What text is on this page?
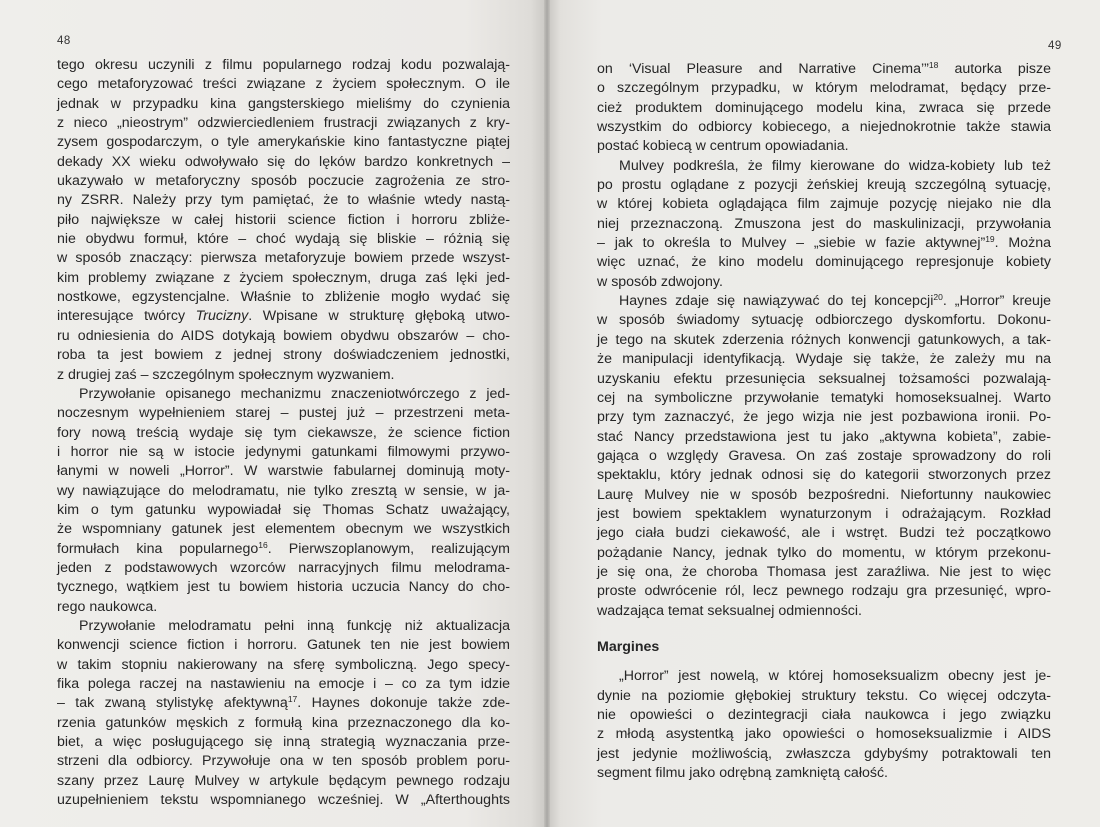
48
tego okresu uczynili z filmu popularnego rodzaj kodu pozwalają-
cego metaforyzować treści związane z życiem społecznym. O ile
jednak w przypadku kina gangsterskiego mieliśmy do czynienia
z nieco „nieostrym” odzwierciedleniem frustracji związanych z kry-
zysem gospodarczym, o tyle amerykańskie kino fantastyczne piątej
dekady XX wieku odwoływało się do lęków bardzo konkretnych –
ukazywało w metaforyczny sposób poczucie zagrożenia ze stro-
ny ZSRR. Należy przy tym pamiętać, że to właśnie wtedy nastą-
piło największe w całej historii science fiction i horroru zbliże-
nie obydwu formuł, które – choć wydają się bliskie – różnią się
w sposób znaczący: pierwsza metaforyzuje bowiem przede wszyst-
kim problemy związane z życiem społecznym, druga zaś lęki jed-
nostkowe, egzystencjalne. Właśnie to zbliżenie mogło wydać się
interesujące twórcy Trucizny. Wpisane w strukturę głęboką utwo-
ru odniesienia do AIDS dotykają bowiem obydwu obszarów – cho-
roba ta jest bowiem z jednej strony doświadczeniem jednostki,
z drugiej zaś – szczególnym społecznym wyzwaniem.
Przywołanie opisanego mechanizmu znaczeniotwórczego z jed-
noczesnym wypełnieniem starej – pustej już – przestrzeni meta-
fory nową treścią wydaje się tym ciekawsze, że science fiction
i horror nie są w istocie jedynymi gatunkami filmowymi przywo-
łanymi w noweli „Horror”. W warstwie fabularnej dominują moty-
wy nawiązujące do melodramatu, nie tylko zresztą w sensie, w ja-
kim o tym gatunku wypowiadał się Thomas Schatz uważający,
że wspomniany gatunek jest elementem obecnym we wszystkich
formułach kina popularnego$^{16}$. Pierwszoplanowym, realizującym
jeden z podstawowych wzorców narracyjnych filmu melodrama-
tycznego, wątkiem jest tu bowiem historia uczucia Nancy do cho-
rego naukowca.
Przywołanie melodramatu pełni inną funkcję niż aktualizacja
konwencji science fiction i horroru. Gatunek ten nie jest bowiem
w takim stopniu nakierowany na sferę symboliczną. Jego specy-
fika polega raczej na nastawieniu na emocje i – co za tym idzie
– tak zwaną stylistykę afektywną$^{17}$. Haynes dokonuje także zde-
rzenia gatunków męskich z formułą kina przeznaczonego dla ko-
biet, a więc posługującego się inną strategią wyznaczania prze-
strzeni dla odbiorcy. Przywołuje ona w ten sposób problem poru-
szany przez Laurę Mulvey w artykule będącym pewnego rodzaju
uzupełnieniem tekstu wspomnianego wcześniej. W „Afterthoughts
49
on ‘Visual Pleasure and Narrative Cinema’”$^{18}$ autorka pisze
o szczególnym przypadku, w którym melodramat, będący prze-
cież produktem dominującego modelu kina, zwraca się przede
wszystkim do odbiorcy kobiecego, a niejednokrotnie także stawia
postać kobiecą w centrum opowiadania.
Mulvey podkreśla, że filmy kierowane do widza-kobiety lub też
po prostu oglądane z pozycji żeńskiej kreują szczególną sytuację,
w której kobieta oglądająca film zajmuje pozycję niejako nie dla
niej przeznaczoną. Zmuszona jest do maskulinizacji, przywołania
– jak to określa to Mulvey – „siebie w fazie aktywnej”$^{19}$. Można
więc uznać, że kino modelu dominującego represjonuje kobiety
w sposób zdwojony.
Haynes zdaje się nawiązywać do tej koncepcji$^{20}$. „Horror” kreuje
w sposób świadomy sytuację odbiorczego dyskomfortu. Dokonu-
je tego na skutek zderzenia różnych konwencji gatunkowych, a tak-
że manipulacji identyfikacją. Wydaje się także, że zależy mu na
uzyskaniu efektu przesunięcia seksualnej tożsamości pozwalają-
cej na symboliczne przywołanie tematyki homoseksualnej. Warto
przy tym zaznaczyć, że jego wizja nie jest pozbawiona ironii. Po-
stać Nancy przedstawiona jest tu jako „aktywna kobieta”, zabie-
gająca o względy Gravesa. On zaś zostaje sprowadzony do roli
spektaklu, który jednak odnosi się do kategorii stworzonych przez
Laurę Mulvey nie w sposób bezpośredni. Niefortunny naukowiec
jest bowiem spektaklem wynaturzonym i odrażającym. Rozkład
jego ciała budzi ciekawość, ale i wstręt. Budzi też początkowo
pożądanie Nancy, jednak tylko do momentu, w którym przekonu-
je się ona, że choroba Thomasa jest zaraźliwa. Nie jest to więc
proste odwrócenie ról, lecz pewnego rodzaju gra przesunięć, wpro-
wadzająca temat seksualnej odmienności.
Margines
„Horror” jest nowelą, w której homoseksualizm obecny jest je-
dynie na poziomie głębokiej struktury tekstu. Co więcej odczyta-
nie opowieści o dezintegracji ciała naukowca i jego związku
z młodą asystentką jako opowieści o homoseksualizmie i AIDS
jest jedynie możliwością, zwłaszcza gdybyśmy potraktowali ten
segment filmu jako odrębną zamkniętą całość.
